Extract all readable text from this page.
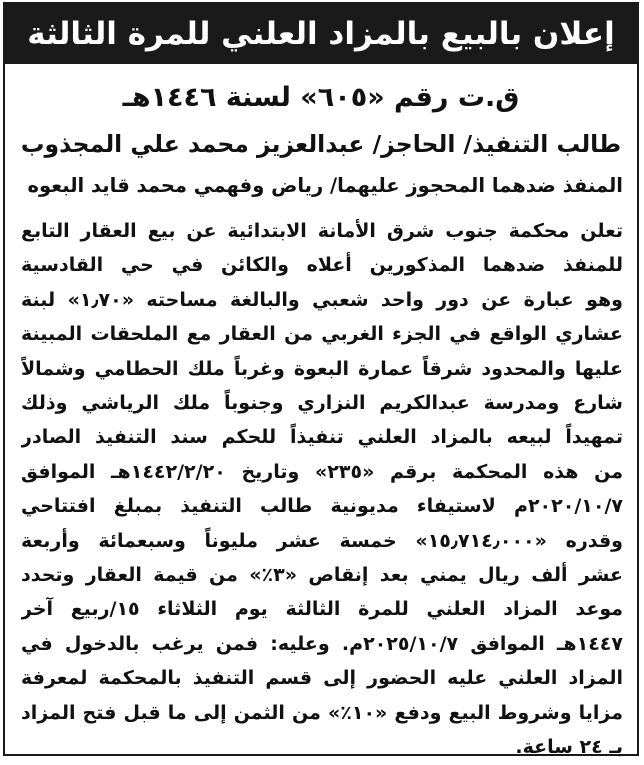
إعلان بالبيع بالمزاد العلني للمرة الثالثة
ق.ت رقم «٦٠٥» لسنة ١٤٤٦هـ
طالب التنفيذ/ الحاجز/ عبدالعزيز محمد علي المجذوب
المنفذ ضدهما المحجوز عليهما/ رياض وفهمي محمد قايد البعوه
تعلن محكمة جنوب شرق الأمانة الابتدائية عن بيع العقار التابع
للمنفذ ضدهما المذكورين أعلاه والكائن في حي القادسية
وهو عبارة عن دور واحد شعبي والبالغة مساحته «١٫٧٠» لبنة
عشاري الواقع في الجزء الغربي من العقار مع الملحقات المبينة
عليها والمحدود شرقاً عمارة البعوة وغرباً ملك الحطامي وشمالاً
شارع ومدرسة عبدالكريم النزاري وجنوباً ملك الرياشي وذلك
تمهيداً لبيعه بالمزاد العلني تنفيذاً للحكم سند التنفيذ الصادر
من هذه المحكمة برقم «٢٣٥» وتاريخ ١٤٤٢/٢/٢٠هـ الموافق
٢٠٢٠/١٠/٧م لاستيفاء مديونية طالب التنفيذ بمبلغ افتتاحي
وقدره «١٥٫٧١٤٫٠٠٠» خمسة عشر مليوناً وسبعمائة وأربعة
عشر ألف ريال يمني بعد إنقاص «٣٪» من قيمة العقار وتحدد
موعد المزاد العلني للمرة الثالثة يوم الثلاثاء ١٥/ربيع آخر
١٤٤٧هـ الموافق ٢٠٢٥/١٠/٧م. وعليه: فمن يرغب بالدخول في
المزاد العلني عليه الحضور إلى قسم التنفيذ بالمحكمة لمعرفة
مزايا وشروط البيع ودفع «١٠٪» من الثمن إلى ما قبل فتح المزاد
بـ ٢٤ ساعة.
